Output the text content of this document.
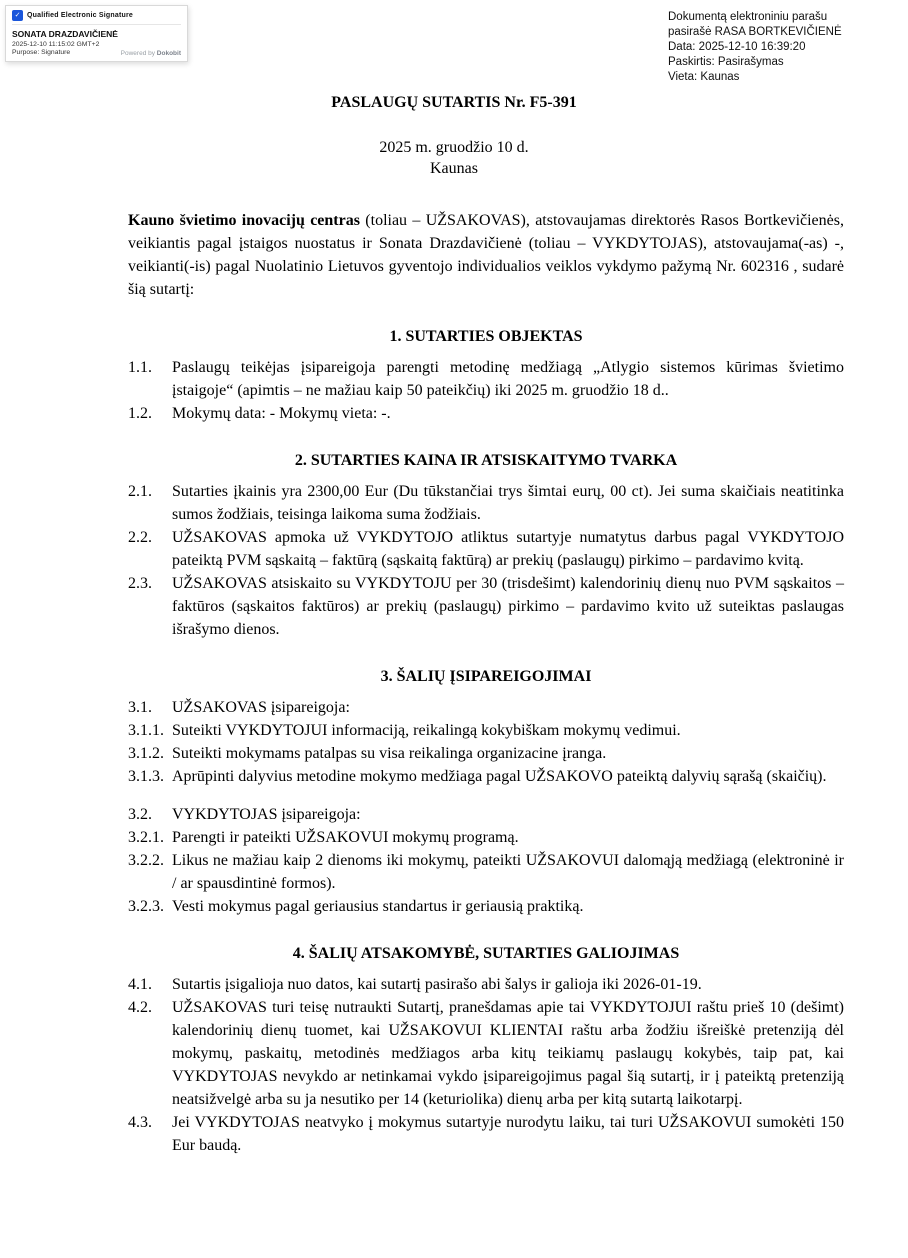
✓ Qualified Electronic Signature
SONATA DRAZDAVIČIENĖ
2025-12-10 11:15:02 GMT+2
Purpose: Signature	Powered by Dokobit
Dokumentą elektroniniu parašu
pasirašė RASA BORTKEVIČIENĖ
Data: 2025-12-10 16:39:20
Paskirtis: Pasirašymas
Vieta: Kaunas
PASLAUGŲ SUTARTIS Nr. F5-391
2025 m. gruodžio 10 d.
Kaunas

Kauno švietimo inovacijų centras (toliau – UŽSAKOVAS), atstovaujamas direktorės Rasos Bortkevičienės, veikiantis pagal įstaigos nuostatus ir Sonata Drazdavičienė (toliau – VYKDYTOJAS), atstovaujama(-as) -, veikianti(-is) pagal Nuolatinio Lietuvos gyventojo individualios veiklos vykdymo pažymą Nr. 602316 , sudarė šią sutartį:

1. SUTARTIES OBJEKTAS
1.1.	Paslaugų teikėjas įsipareigoja parengti metodinę medžiagą „Atlygio sistemos kūrimas švietimo įstaigoje“ (apimtis – ne mažiau kaip 50 pateikčių) iki 2025 m. gruodžio 18 d..
1.2.	Mokymų data: - Mokymų vieta: -.
2. SUTARTIES KAINA IR ATSISKAITYMO TVARKA
2.1.	Sutarties įkainis yra 2300,00 Eur (Du tūkstančiai trys šimtai eurų, 00 ct). Jei suma skaičiais neatitinka sumos žodžiais, teisinga laikoma suma žodžiais.
2.2.	UŽSAKOVAS apmoka už VYKDYTOJO atliktus sutartyje numatytus darbus pagal VYKDYTOJO pateiktą PVM sąskaitą – faktūrą (sąskaitą faktūrą) ar prekių (paslaugų) pirkimo – pardavimo kvitą.
2.3.	UŽSAKOVAS atsiskaito su VYKDYTOJU per 30 (trisdešimt) kalendorinių dienų nuo PVM sąskaitos – faktūros (sąskaitos faktūros) ar prekių (paslaugų) pirkimo – pardavimo kvito už suteiktas paslaugas išrašymo dienos.
3. ŠALIŲ ĮSIPAREIGOJIMAI
3.1.	UŽSAKOVAS įsipareigoja:
3.1.1. Suteikti VYKDYTOJUI informaciją, reikalingą kokybiškam mokymų vedimui.
3.1.2. Suteikti mokymams patalpas su visa reikalinga organizacine įranga.
3.1.3. Aprūpinti dalyvius metodine mokymo medžiaga pagal UŽSAKOVO pateiktą dalyvių sąrašą (skaičių).
3.2.	VYKDYTOJAS įsipareigoja:
3.2.1. Parengti ir pateikti UŽSAKOVUI mokymų programą.
3.2.2. Likus ne mažiau kaip 2 dienoms iki mokymų, pateikti UŽSAKOVUI dalomąją medžiagą (elektroninė ir / ar spausdintinė formos).
3.2.3. Vesti mokymus pagal geriausius standartus ir geriausią praktiką.
4. ŠALIŲ ATSAKOMYBĖ, SUTARTIES GALIOJIMAS
4.1.	Sutartis įsigalioja nuo datos, kai sutartį pasirašo abi šalys ir galioja iki 2026-01-19.
4.2.	UŽSAKOVAS turi teisę nutraukti Sutartį, pranešdamas apie tai VYKDYTOJUI raštu prieš 10 (dešimt) kalendorinių dienų tuomet, kai UŽSAKOVUI KLIENTAI raštu arba žodžiu išreiškė pretenziją dėl mokymų, paskaitų, metodinės medžiagos arba kitų teikiamų paslaugų kokybės, taip pat, kai VYKDYTOJAS nevykdo ar netinkamai vykdo įsipareigojimus pagal šią sutartį, ir į pateiktą pretenziją neatsižvelgė arba su ja nesutiko per 14 (keturiolika) dienų arba per kitą sutartą laikotarpį.
4.3.	Jei VYKDYTOJAS neatvyko į mokymus sutartyje nurodytu laiku, tai turi UŽSAKOVUI sumokėti 150 Eur baudą.
